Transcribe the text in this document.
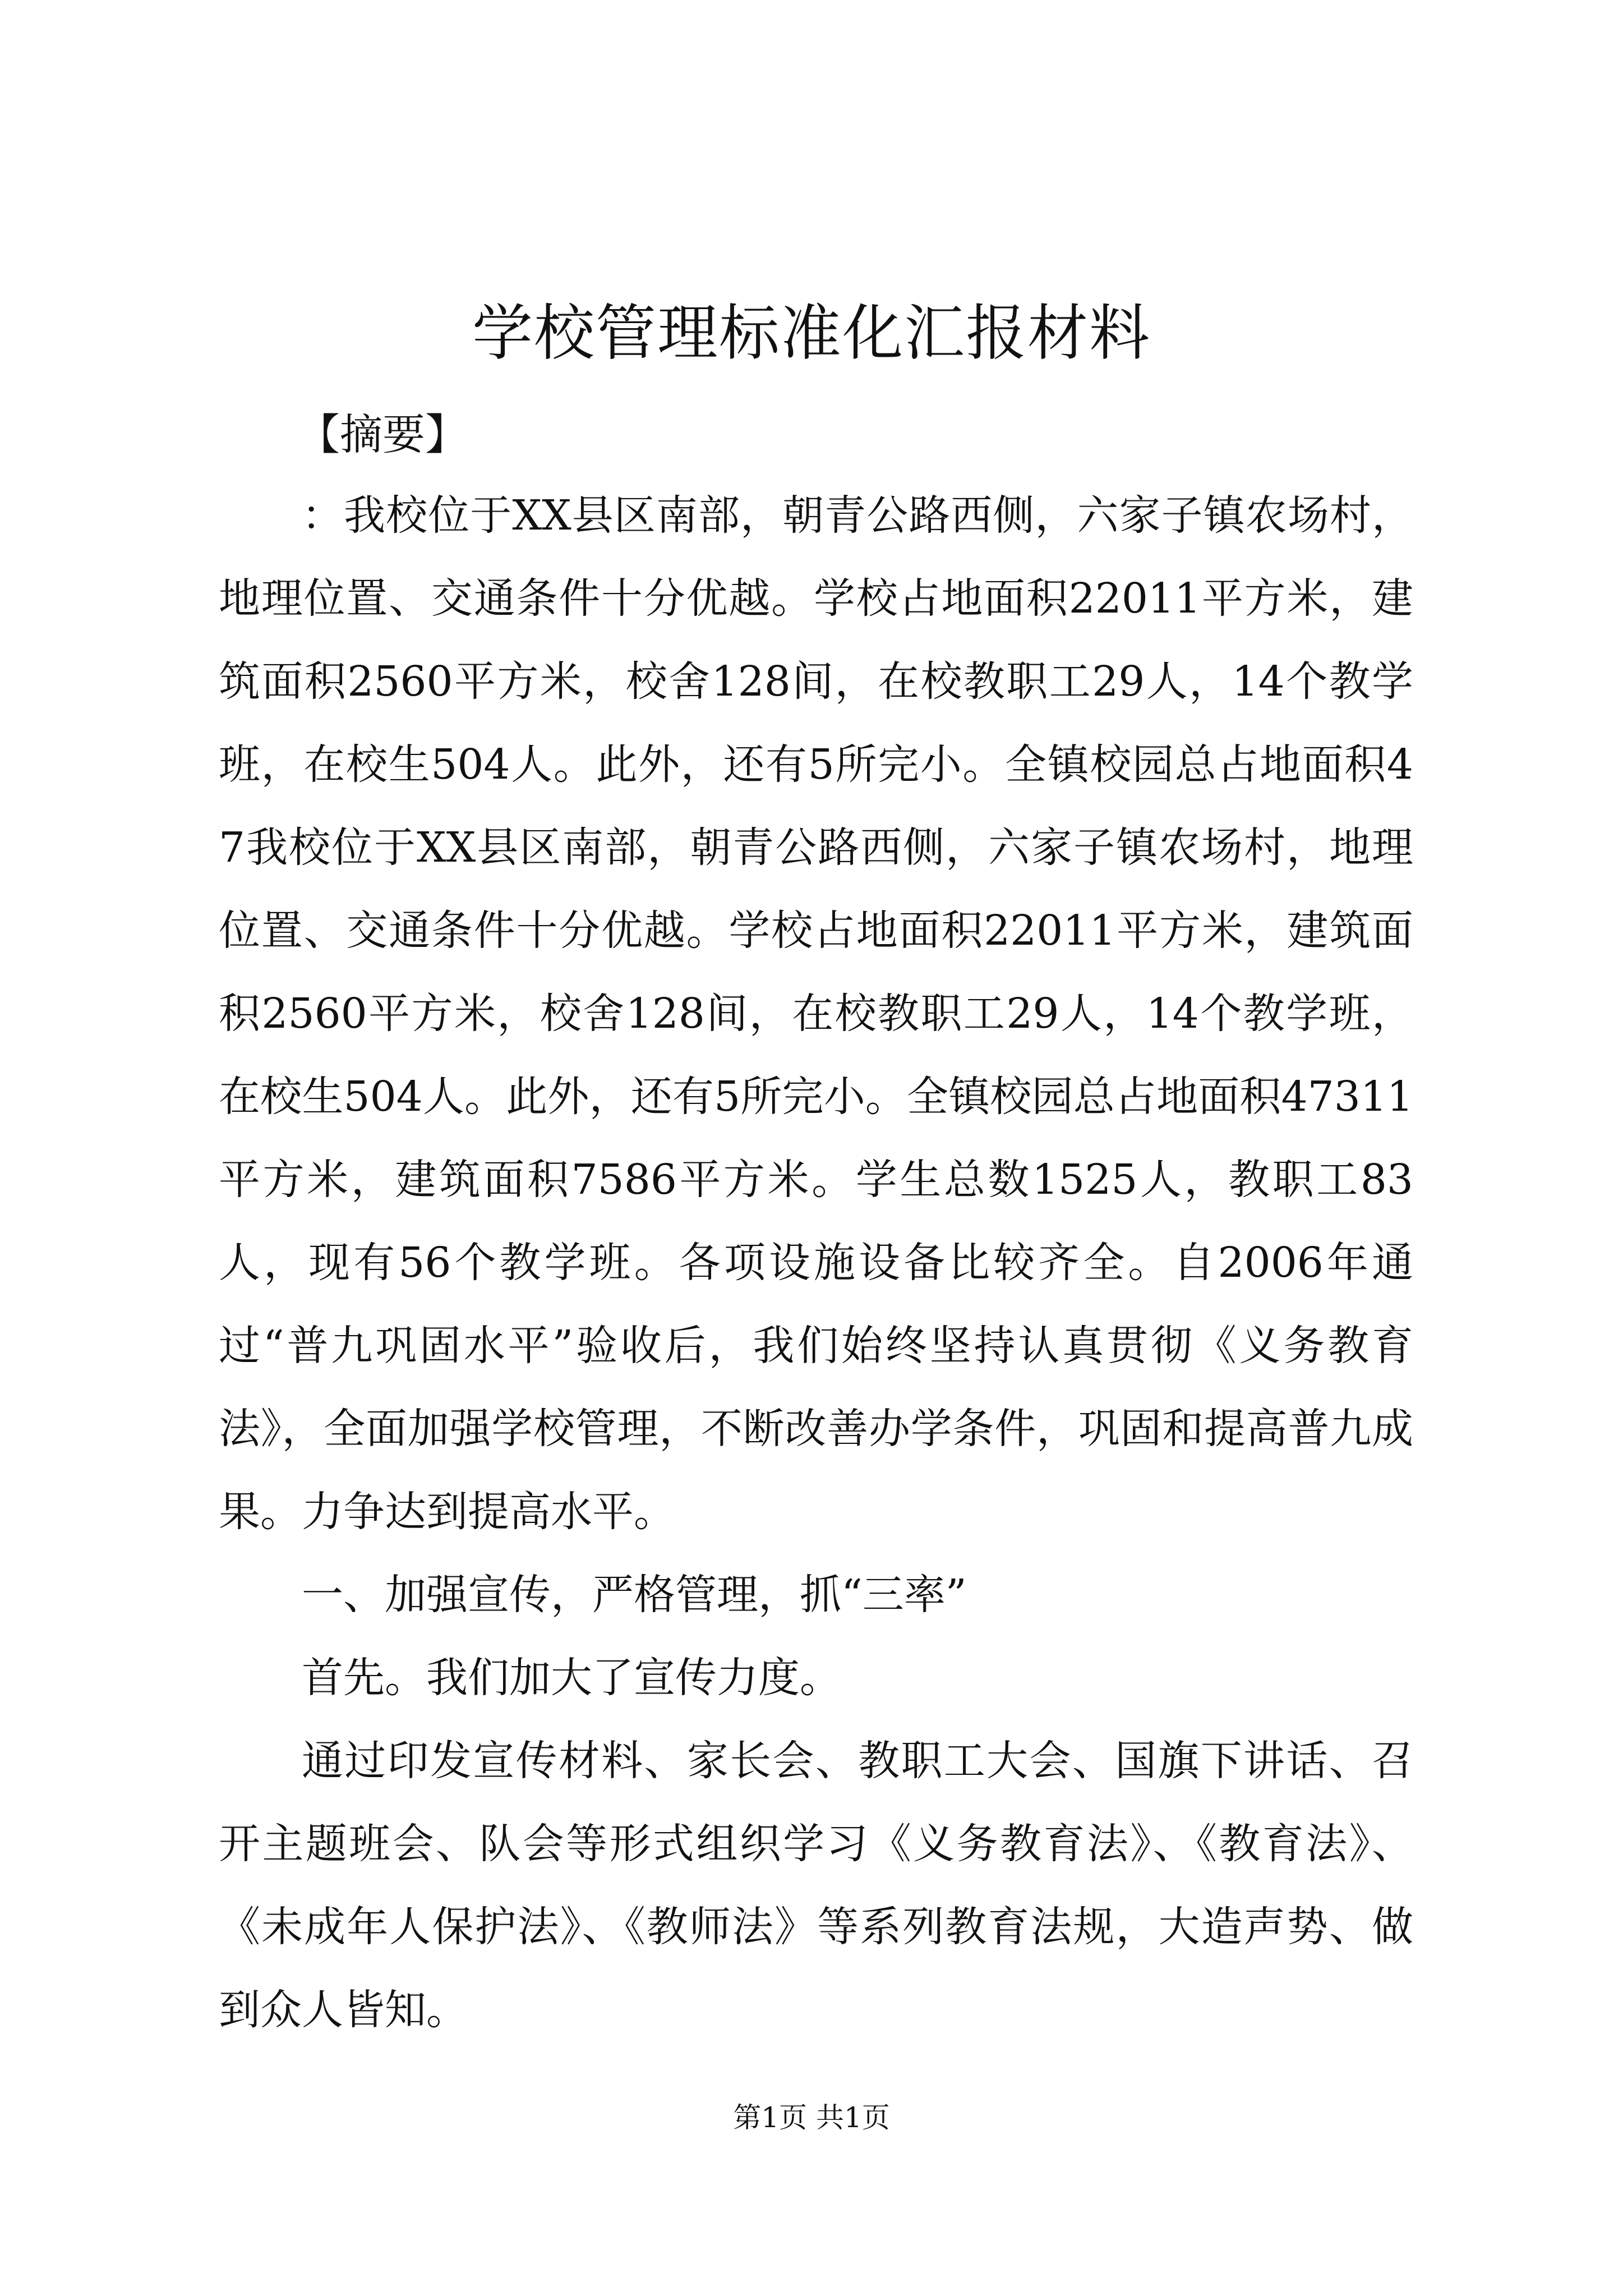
学校管理标准化汇报材料
【摘要】

：我校位于XX县区南部，朝青公路西侧，六家子镇农场村，地理位置、交通条件十分优越。学校占地面积22011平方米，建筑面积2560平方米，校舍128间，在校教职工29人，14个教学班，在校生504人。此外，还有5所完小。全镇校园总占地面积47我校位于XX县区南部，朝青公路西侧，六家子镇农场村，地理位置、交通条件十分优越。学校占地面积22011平方米，建筑面积2560平方米，校舍128间，在校教职工29人，14个教学班，在校生504人。此外，还有5所完小。全镇校园总占地面积47311平方米，建筑面积7586平方米。学生总数1525人，教职工83人，现有56个教学班。各项设施设备比较齐全。自2006年通过“普九巩固水平”验收后，我们始终坚持认真贯彻《义务教育法》，全面加强学校管理，不断改善办学条件，巩固和提高普九成果。力争达到提高水平。

一、加强宣传，严格管理，抓“三率”

首先。我们加大了宣传力度。

通过印发宣传材料、家长会、教职工大会、国旗下讲话、召开主题班会、队会等形式组织学习《义务教育法》、《教育法》、《未成年人保护法》、《教师法》等系列教育法规，大造声势、做到众人皆知。

第1页 共1页
